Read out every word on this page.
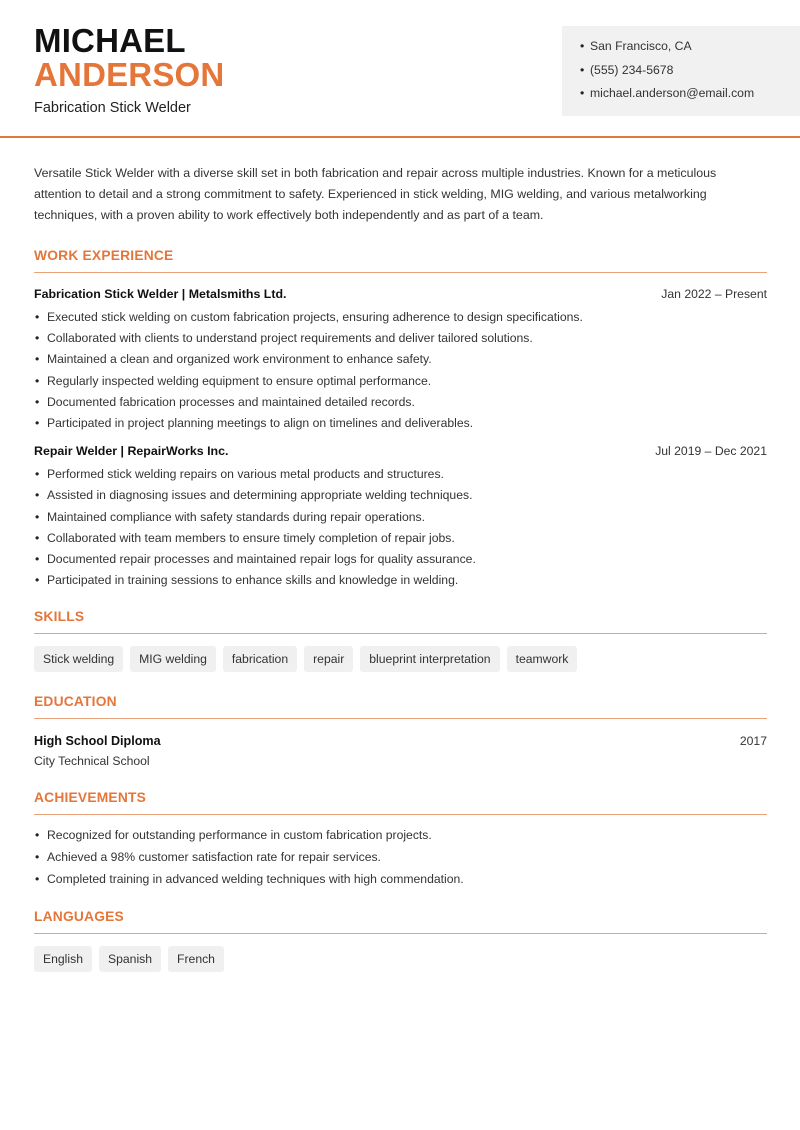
MICHAEL
ANDERSON
Fabrication Stick Welder
• San Francisco, CA
• (555) 234-5678
• michael.anderson@email.com

Versatile Stick Welder with a diverse skill set in both fabrication and repair across multiple industries. Known for a meticulous attention to detail and a strong commitment to safety. Experienced in stick welding, MIG welding, and various metalworking techniques, with a proven ability to work effectively both independently and as part of a team.

WORK EXPERIENCE
Fabrication Stick Welder | Metalsmiths Ltd.	Jan 2022 – Present
• Executed stick welding on custom fabrication projects, ensuring adherence to design specifications.
• Collaborated with clients to understand project requirements and deliver tailored solutions.
• Maintained a clean and organized work environment to enhance safety.
• Regularly inspected welding equipment to ensure optimal performance.
• Documented fabrication processes and maintained detailed records.
• Participated in project planning meetings to align on timelines and deliverables.
Repair Welder | RepairWorks Inc.	Jul 2019 – Dec 2021
• Performed stick welding repairs on various metal products and structures.
• Assisted in diagnosing issues and determining appropriate welding techniques.
• Maintained compliance with safety standards during repair operations.
• Collaborated with team members to ensure timely completion of repair jobs.
• Documented repair processes and maintained repair logs for quality assurance.
• Participated in training sessions to enhance skills and knowledge in welding.
SKILLS
Stick welding	MIG welding	fabrication	repair	blueprint interpretation	teamwork
EDUCATION
High School Diploma	2017
City Technical School
ACHIEVEMENTS
• Recognized for outstanding performance in custom fabrication projects.
• Achieved a 98% customer satisfaction rate for repair services.
• Completed training in advanced welding techniques with high commendation.
LANGUAGES
English	Spanish	French
